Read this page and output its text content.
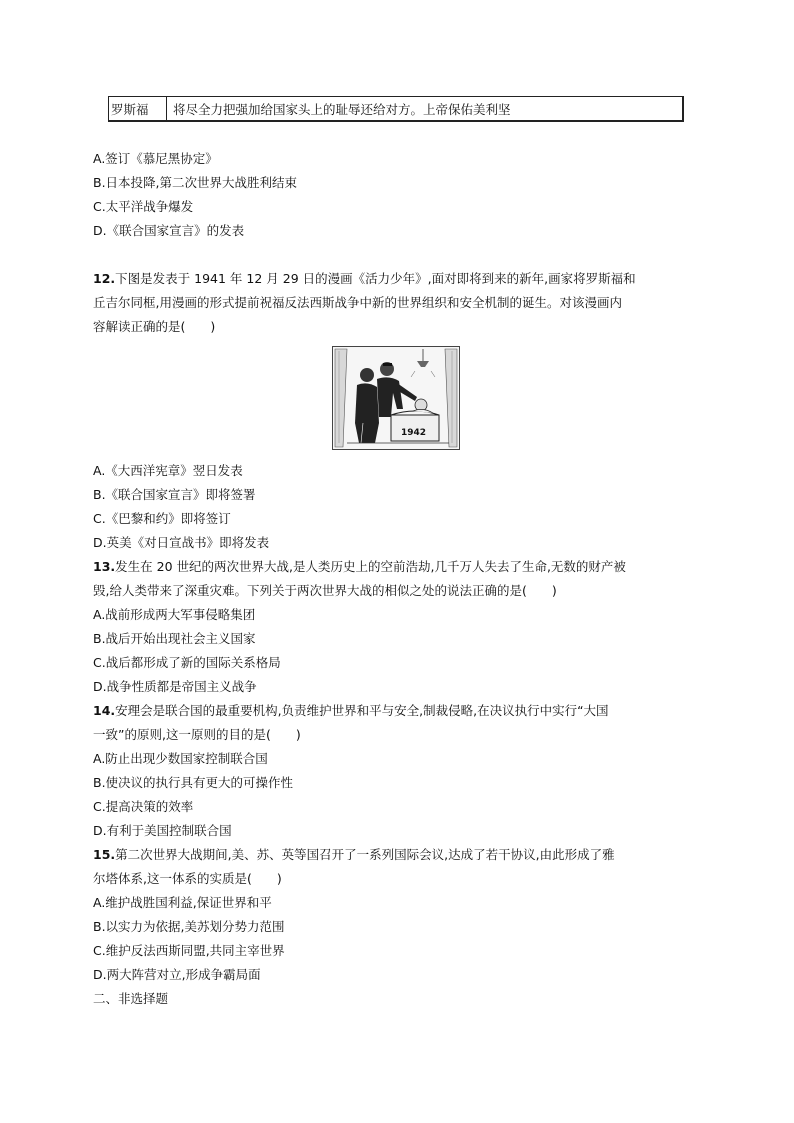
罗斯福	将尽全力把强加给国家头上的耻辱还给对方。上帝保佑美利坚
A.签订《慕尼黑协定》
B.日本投降,第二次世界大战胜利结束
C.太平洋战争爆发
D.《联合国家宣言》的发表
12.下图是发表于 1941 年 12 月 29 日的漫画《活力少年》,面对即将到来的新年,画家将罗斯福和
丘吉尔同框,用漫画的形式提前祝福反法西斯战争中新的世界组织和安全机制的诞生。对该漫画内
容解读正确的是(　　)
1942
A.《大西洋宪章》翌日发表
B.《联合国家宣言》即将签署
C.《巴黎和约》即将签订
D.英美《对日宣战书》即将发表
13.发生在 20 世纪的两次世界大战,是人类历史上的空前浩劫,几千万人失去了生命,无数的财产被
毁,给人类带来了深重灾难。下列关于两次世界大战的相似之处的说法正确的是(　　)
A.战前形成两大军事侵略集团
B.战后开始出现社会主义国家
C.战后都形成了新的国际关系格局
D.战争性质都是帝国主义战争
14.安理会是联合国的最重要机构,负责维护世界和平与安全,制裁侵略,在决议执行中实行“大国
一致”的原则,这一原则的目的是(　　)
A.防止出现少数国家控制联合国
B.使决议的执行具有更大的可操作性
C.提高决策的效率
D.有利于美国控制联合国
15.第二次世界大战期间,美、苏、英等国召开了一系列国际会议,达成了若干协议,由此形成了雅
尔塔体系,这一体系的实质是(　　)
A.维护战胜国利益,保证世界和平
B.以实力为依据,美苏划分势力范围
C.维护反法西斯同盟,共同主宰世界
D.两大阵营对立,形成争霸局面
二、非选择题
